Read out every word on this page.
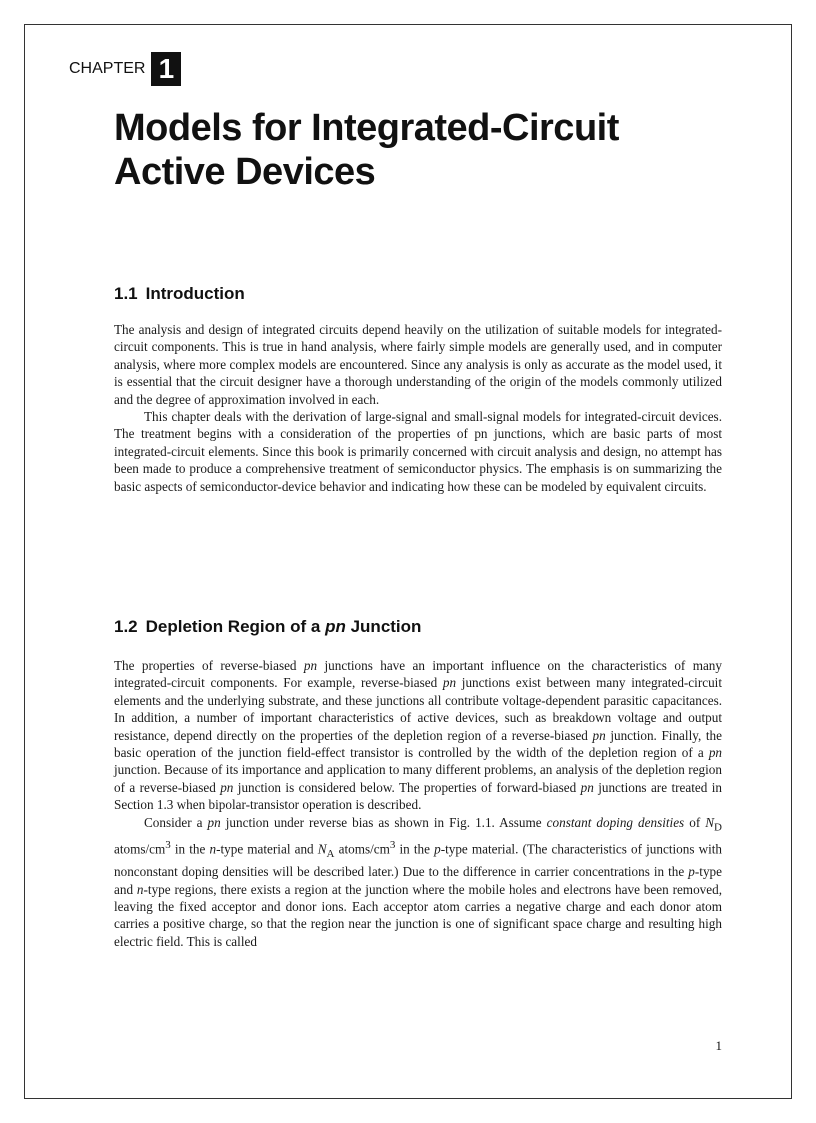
CHAPTER 1
Models for Integrated-Circuit Active Devices
1.1 Introduction

The analysis and design of integrated circuits depend heavily on the utilization of suitable models for integrated-circuit components. This is true in hand analysis, where fairly simple models are generally used, and in computer analysis, where more complex models are encountered. Since any analysis is only as accurate as the model used, it is essential that the circuit designer have a thorough understanding of the origin of the models commonly utilized and the degree of approximation involved in each.

This chapter deals with the derivation of large-signal and small-signal models for integrated-circuit devices. The treatment begins with a consideration of the properties of pn junctions, which are basic parts of most integrated-circuit elements. Since this book is primarily concerned with circuit analysis and design, no attempt has been made to produce a comprehensive treatment of semiconductor physics. The emphasis is on summarizing the basic aspects of semiconductor-device behavior and indicating how these can be modeled by equivalent circuits.

1.2 Depletion Region of a pn Junction

The properties of reverse-biased pn junctions have an important influence on the characteristics of many integrated-circuit components. For example, reverse-biased pn junctions exist between many integrated-circuit elements and the underlying substrate, and these junctions all contribute voltage-dependent parasitic capacitances. In addition, a number of important characteristics of active devices, such as breakdown voltage and output resistance, depend directly on the properties of the depletion region of a reverse-biased pn junction. Finally, the basic operation of the junction field-effect transistor is controlled by the width of the depletion region of a pn junction. Because of its importance and application to many different problems, an analysis of the depletion region of a reverse-biased pn junction is considered below. The properties of forward-biased pn junctions are treated in Section 1.3 when bipolar-transistor operation is described.

Consider a pn junction under reverse bias as shown in Fig. 1.1. Assume constant doping densities of $N_D$ atoms/$cm^3$ in the n-type material and $N_A$ atoms/$cm^3$ in the p-type material. (The characteristics of junctions with nonconstant doping densities will be described later.) Due to the difference in carrier concentrations in the p-type and n-type regions, there exists a region at the junction where the mobile holes and electrons have been removed, leaving the fixed acceptor and donor ions. Each acceptor atom carries a negative charge and each donor atom carries a positive charge, so that the region near the junction is one of significant space charge and resulting high electric field. This is called

1
